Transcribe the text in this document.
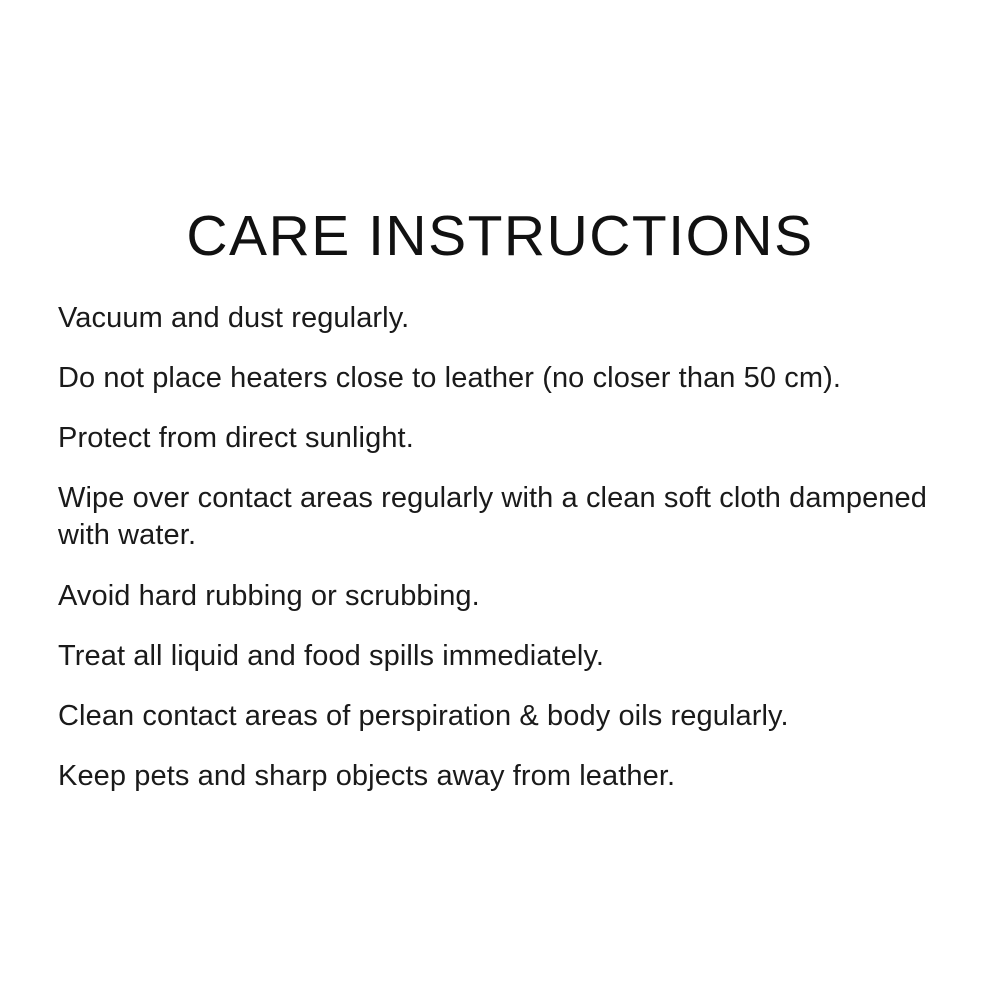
CARE INSTRUCTIONS
Vacuum and dust regularly.
Do not place heaters close to leather (no closer than 50 cm).
Protect from direct sunlight.
Wipe over contact areas regularly with a clean soft cloth dampened with water.
Avoid hard rubbing or scrubbing.
Treat all liquid and food spills immediately.
Clean contact areas of perspiration & body oils regularly.
Keep pets and sharp objects away from leather.
